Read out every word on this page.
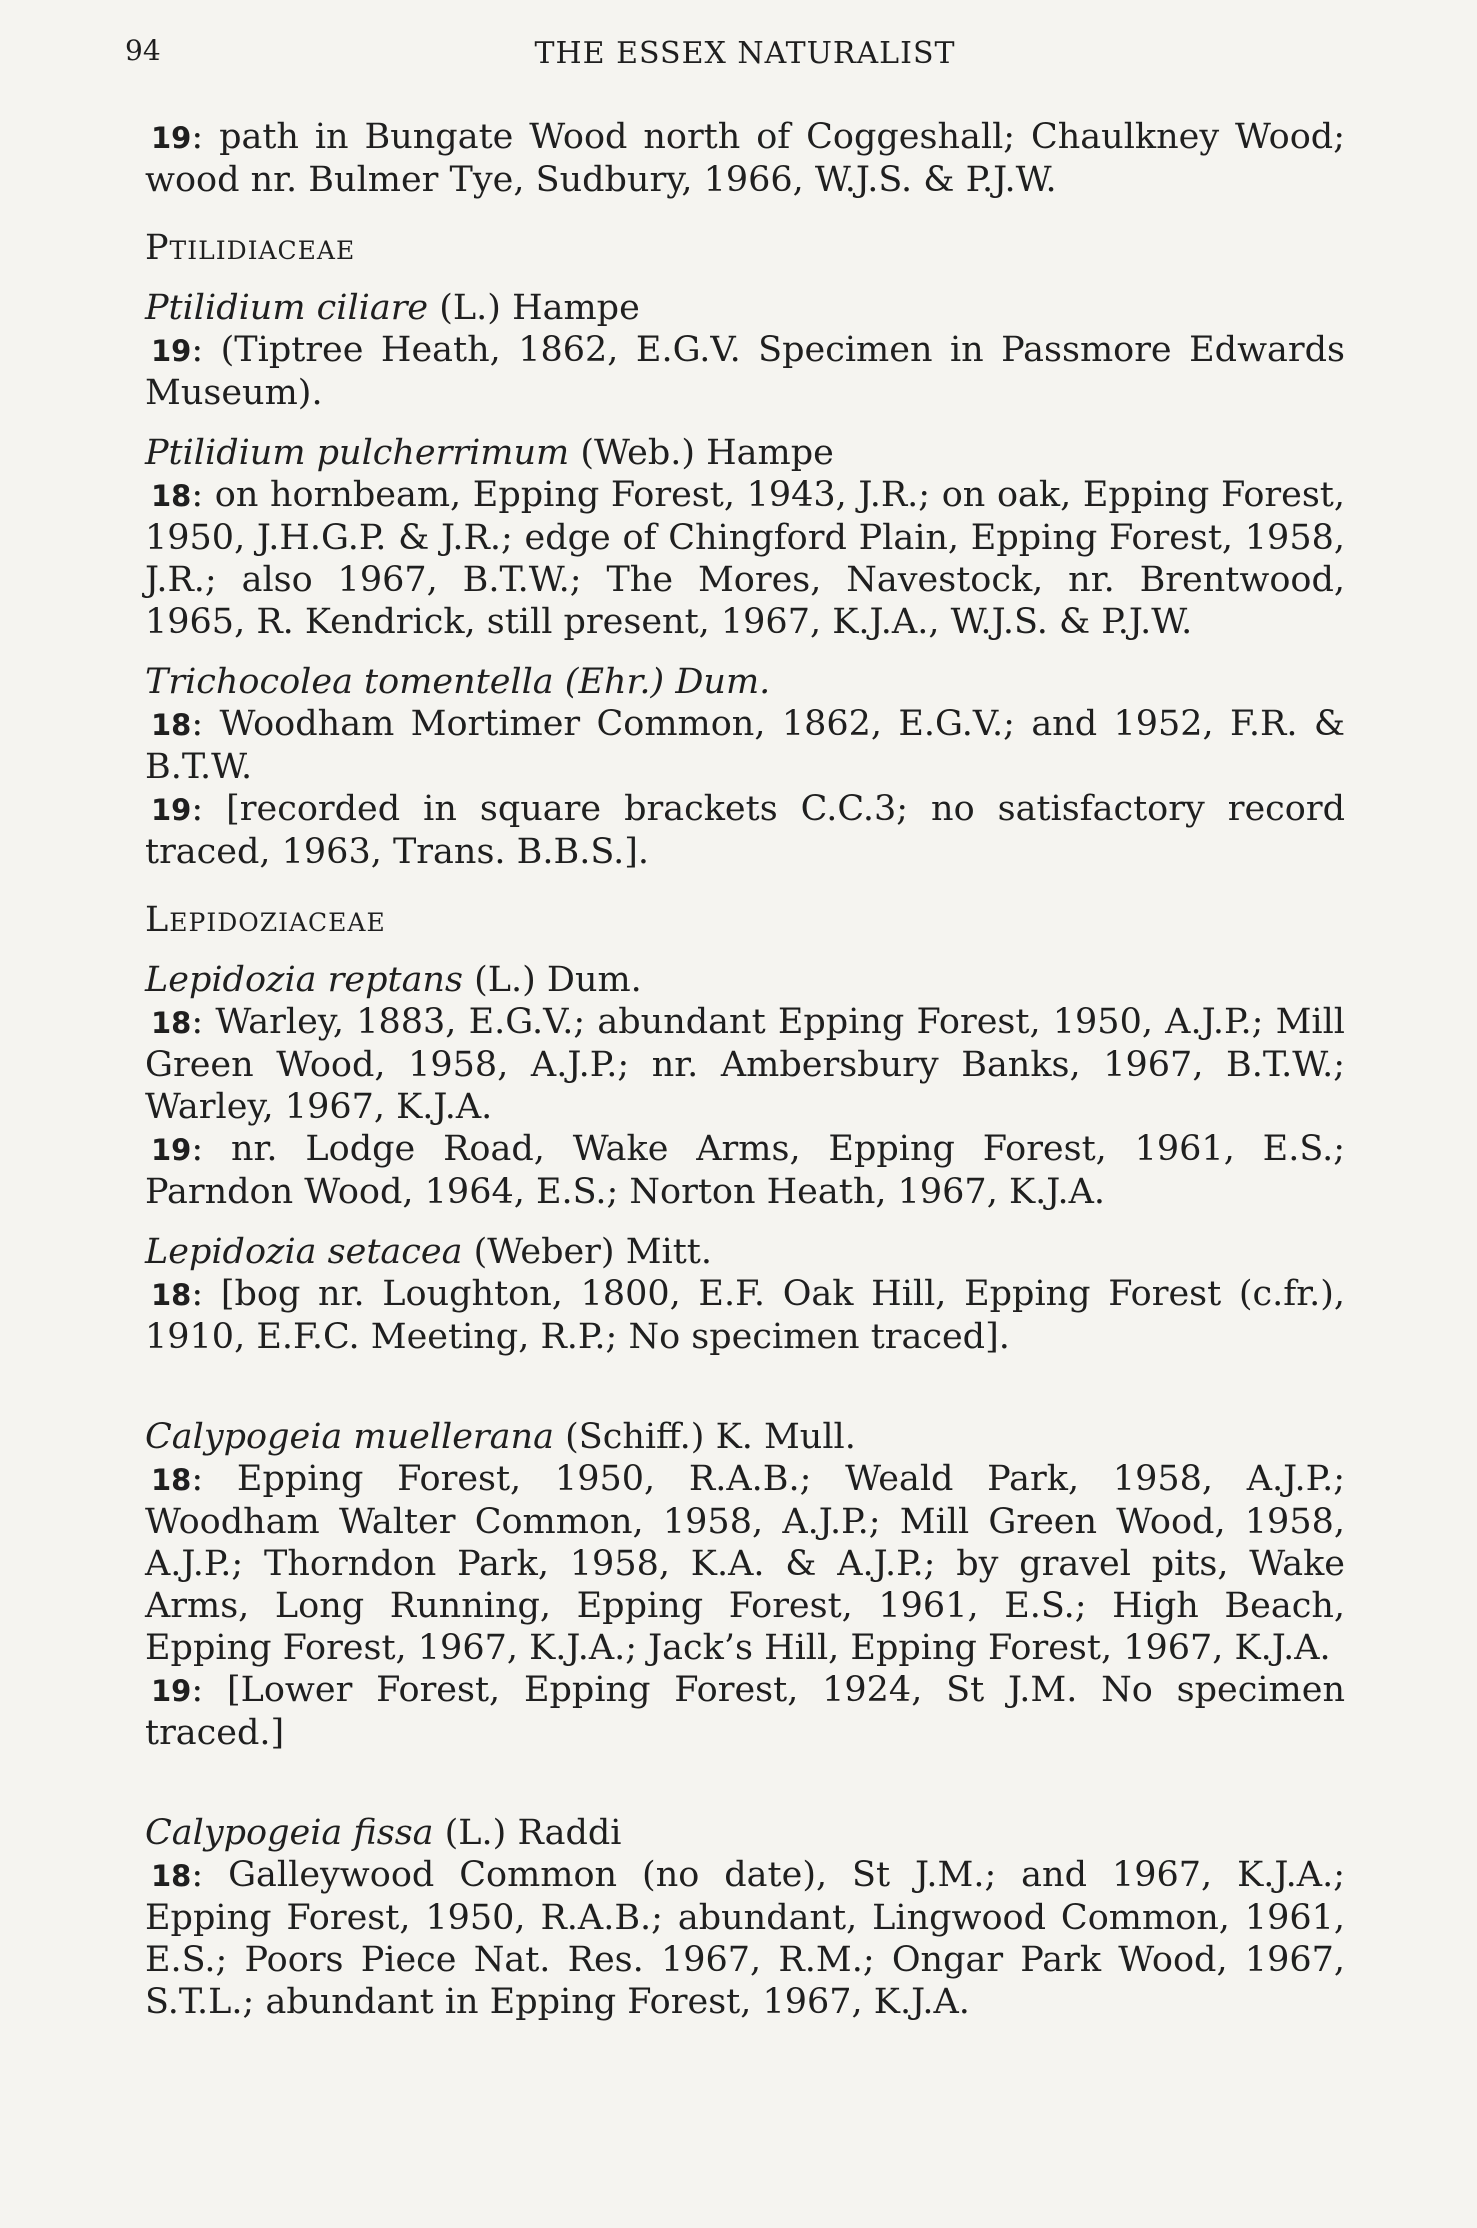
94	THE ESSEX NATURALIST

19: path in Bungate Wood north of Coggeshall; Chaulkney Wood; wood nr. Bulmer Tye, Sudbury, 1966, W.J.S. & P.J.W.

Ptilidiaceae

Ptilidium ciliare (L.) Hampe

19: (Tiptree Heath, 1862, E.G.V. Specimen in Passmore Edwards Museum).

Ptilidium pulcherrimum (Web.) Hampe

18: on hornbeam, Epping Forest, 1943, J.R.; on oak, Epping Forest, 1950, J.H.G.P. & J.R.; edge of Chingford Plain, Epping Forest, 1958, J.R.; also 1967, B.T.W.; The Mores, Navestock, nr. Brentwood, 1965, R. Kendrick, still present, 1967, K.J.A., W.J.S. & P.J.W.

Trichocolea tomentella (Ehr.) Dum.

18: Woodham Mortimer Common, 1862, E.G.V.; and 1952, F.R. & B.T.W.

19: [recorded in square brackets C.C.3; no satisfactory record traced, 1963, Trans. B.B.S.].

Lepidoziaceae

Lepidozia reptans (L.) Dum.

18: Warley, 1883, E.G.V.; abundant Epping Forest, 1950, A.J.P.; Mill Green Wood, 1958, A.J.P.; nr. Ambersbury Banks, 1967, B.T.W.; Warley, 1967, K.J.A.

19: nr. Lodge Road, Wake Arms, Epping Forest, 1961, E.S.; Parndon Wood, 1964, E.S.; Norton Heath, 1967, K.J.A.

Lepidozia setacea (Weber) Mitt.

18: [bog nr. Loughton, 1800, E.F. Oak Hill, Epping Forest (c.fr.), 1910, E.F.C. Meeting, R.P.; No specimen traced].

Calypogeia muellerana (Schiff.) K. Mull.

18: Epping Forest, 1950, R.A.B.; Weald Park, 1958, A.J.P.; Woodham Walter Common, 1958, A.J.P.; Mill Green Wood, 1958, A.J.P.; Thorndon Park, 1958, K.A. & A.J.P.; by gravel pits, Wake Arms, Long Running, Epping Forest, 1961, E.S.; High Beach, Epping Forest, 1967, K.J.A.; Jack’s Hill, Epping Forest, 1967, K.J.A.

19: [Lower Forest, Epping Forest, 1924, St J.M. No specimen traced.]

Calypogeia fissa (L.) Raddi

18: Galleywood Common (no date), St J.M.; and 1967, K.J.A.; Epping Forest, 1950, R.A.B.; abundant, Lingwood Common, 1961, E.S.; Poors Piece Nat. Res. 1967, R.M.; Ongar Park Wood, 1967, S.T.L.; abundant in Epping Forest, 1967, K.J.A.
